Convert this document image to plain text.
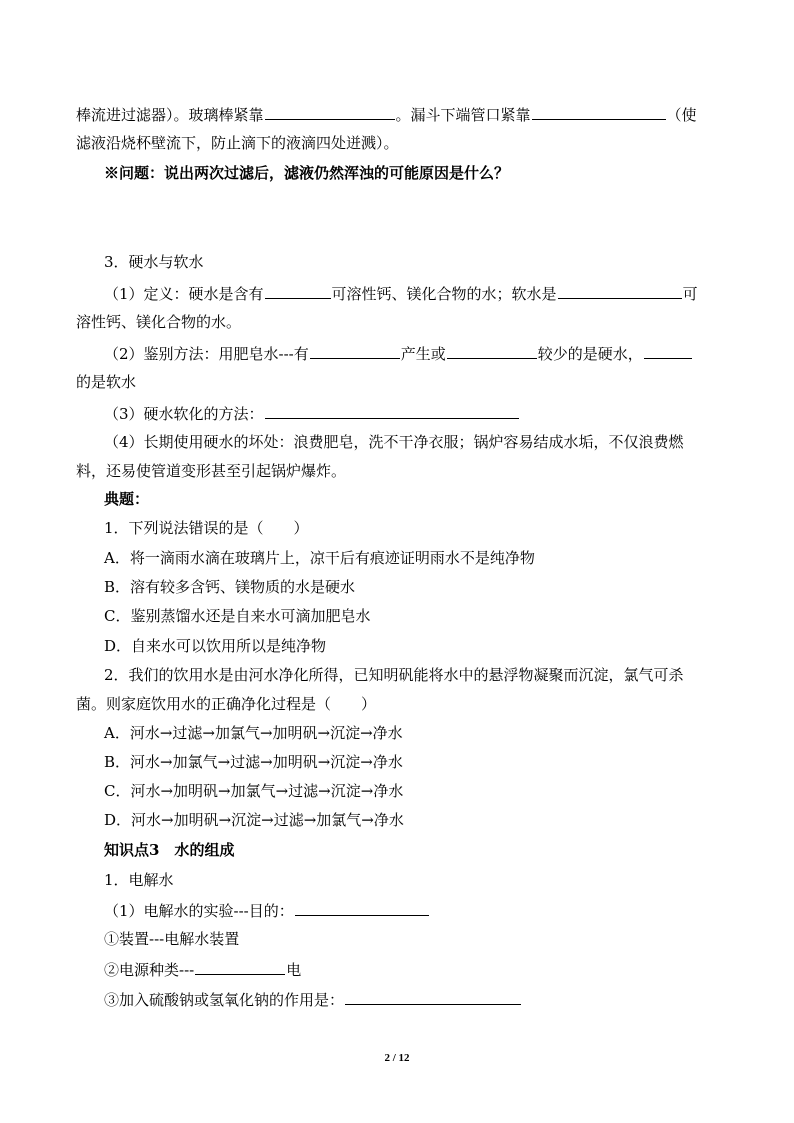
棒流进过滤器）。玻璃棒紧靠	。漏斗下端管口紧靠	（使
滤液沿烧杯壁流下，防止滴下的液滴四处迸溅）。
※问题：说出两次过滤后，滤液仍然浑浊的可能原因是什么？
3．硬水与软水
（1）定义：硬水是含有	可溶性钙、镁化合物的水；软水是	可
溶性钙、镁化合物的水。
（2）鉴别方法：用肥皂水---有	产生或	较少的是硬水，
的是软水
（3）硬水软化的方法：
（4）长期使用硬水的坏处：浪费肥皂，洗不干净衣服；锅炉容易结成水垢，不仅浪费燃
料，还易使管道变形甚至引起锅炉爆炸。
典题：
1．下列说法错误的是（　　）
A．将一滴雨水滴在玻璃片上，凉干后有痕迹证明雨水不是纯净物
B．溶有较多含钙、镁物质的水是硬水
C．鉴别蒸馏水还是自来水可滴加肥皂水
D．自来水可以饮用所以是纯净物
2．我们的饮用水是由河水净化所得，已知明矾能将水中的悬浮物凝聚而沉淀，氯气可杀
菌。则家庭饮用水的正确净化过程是（　　）
A．河水→过滤→加氯气→加明矾→沉淀→净水
B．河水→加氯气→过滤→加明矾→沉淀→净水
C．河水→加明矾→加氯气→过滤→沉淀→净水
D．河水→加明矾→沉淀→过滤→加氯气→净水
知识点3　水的组成
1．电解水
（1）电解水的实验---目的：
①装置---电解水装置
②电源种类---	电
③加入硫酸钠或氢氧化钠的作用是：
2 / 12
